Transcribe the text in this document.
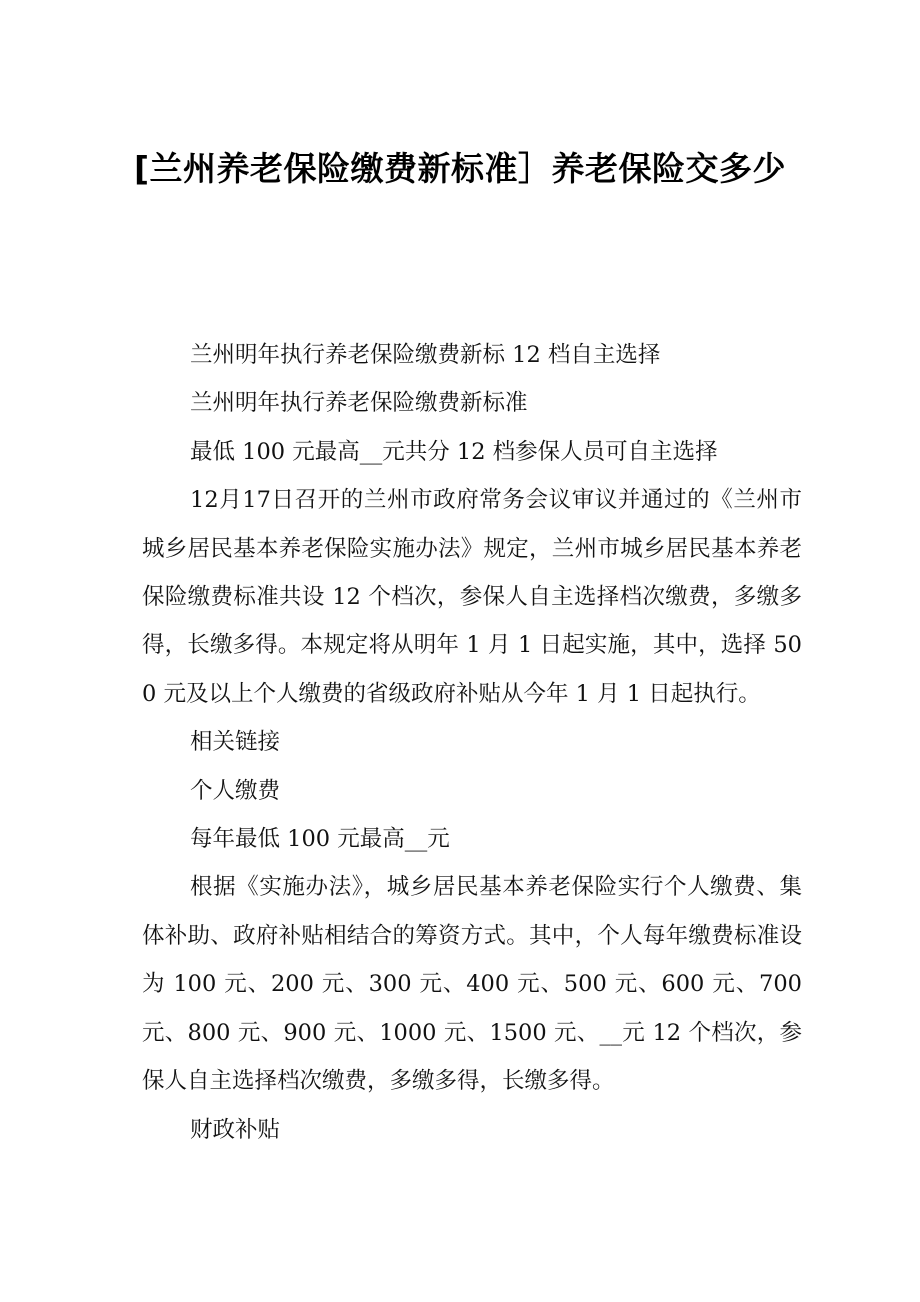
[兰州养老保险缴费新标准］养老保险交多少

兰州明年执行养老保险缴费新标 12 档自主选择

兰州明年执行养老保险缴费新标准

最低 100 元最高__元共分 12 档参保人员可自主选择

12月17日召开的兰州市政府常务会议审议并通过的《兰州市城乡居民基本养老保险实施办法》规定，兰州市城乡居民基本养老保险缴费标准共设 12 个档次，参保人自主选择档次缴费，多缴多得，长缴多得。本规定将从明年 1 月 1 日起实施，其中，选择 500 元及以上个人缴费的省级政府补贴从今年 1 月 1 日起执行。

相关链接

个人缴费

每年最低 100 元最高__元

根据《实施办法》，城乡居民基本养老保险实行个人缴费、集体补助、政府补贴相结合的筹资方式。其中，个人每年缴费标准设为 100 元、200 元、300 元、400 元、500 元、600 元、700 元、800 元、900 元、1000 元、1500 元、__元 12 个档次，参保人自主选择档次缴费，多缴多得，长缴多得。

财政补贴
